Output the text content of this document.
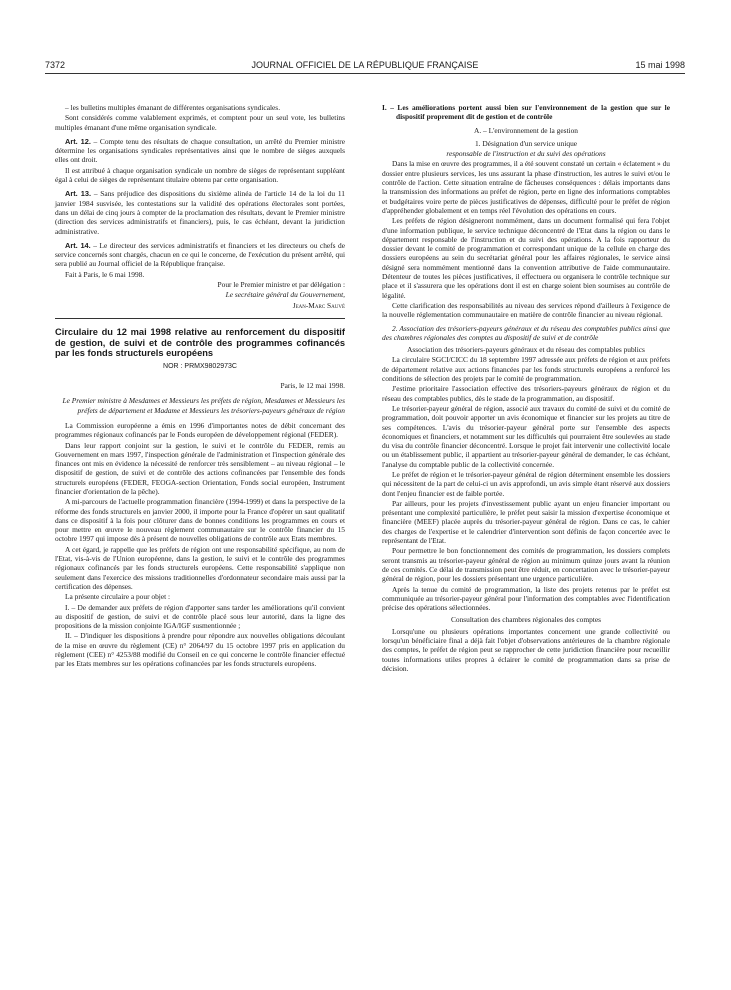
7372	JOURNAL OFFICIEL DE LA RÉPUBLIQUE FRANÇAISE	15 mai 1998

– les bulletins multiples émanant de différentes organisations syndicales.

Sont considérés comme valablement exprimés, et comptent pour un seul vote, les bulletins multiples émanant d'une même organisation syndicale.

Art. 12. – Compte tenu des résultats de chaque consultation, un arrêté du Premier ministre détermine les organisations syndicales représentatives ainsi que le nombre de sièges auxquels elles ont droit.

Il est attribué à chaque organisation syndicale un nombre de sièges de représentant suppléant égal à celui de sièges de représentant titulaire obtenu par cette organisation.

Art. 13. – Sans préjudice des dispositions du sixième alinéa de l'article 14 de la loi du 11 janvier 1984 susvisée, les contestations sur la validité des opérations électorales sont portées, dans un délai de cinq jours à compter de la proclamation des résultats, devant le Premier ministre (direction des services administratifs et financiers), puis, le cas échéant, devant la juridiction administrative.

Art. 14. – Le directeur des services administratifs et financiers et les directeurs ou chefs de service concernés sont chargés, chacun en ce qui le concerne, de l'exécution du présent arrêté, qui sera publié au Journal officiel de la République française.

Fait à Paris, le 6 mai 1998.

Pour le Premier ministre et par délégation :

Le secrétaire général du Gouvernement,

Jean-Marc Sauvé

Circulaire du 12 mai 1998 relative au renforcement du dispositif de gestion, de suivi et de contrôle des programmes cofinancés par les fonds structurels européens

NOR : PRMX9802973C

Paris, le 12 mai 1998.

Le Premier ministre à Mesdames et Messieurs les préfets de région, Mesdames et Messieurs les préfets de département et Madame et Messieurs les trésoriers-payeurs généraux de région

La Commission européenne a émis en 1996 d'importantes notes de débit concernant des programmes régionaux cofinancés par le Fonds européen de développement régional (FEDER).

Dans leur rapport conjoint sur la gestion, le suivi et le contrôle du FEDER, remis au Gouvernement en mars 1997, l'inspection générale de l'administration et l'inspection générale des finances ont mis en évidence la nécessité de renforcer très sensiblement – au niveau régional – le dispositif de gestion, de suivi et de contrôle des actions cofinancées par l'ensemble des fonds structurels européens (FEDER, FEOGA-section Orientation, Fonds social européen, Instrument financier d'orientation de la pêche).

A mi-parcours de l'actuelle programmation financière (1994-1999) et dans la perspective de la réforme des fonds structurels en janvier 2000, il importe pour la France d'opérer un saut qualitatif dans ce dispositif à la fois pour clôturer dans de bonnes conditions les programmes en cours et pour mettre en œuvre le nouveau règlement communautaire sur le contrôle financier du 15 octobre 1997 qui impose dès à présent de nouvelles obligations de contrôle aux Etats membres.

A cet égard, je rappelle que les préfets de région ont une responsabilité spécifique, au nom de l'Etat, vis-à-vis de l'Union européenne, dans la gestion, le suivi et le contrôle des programmes régionaux cofinancés par les fonds structurels européens. Cette responsabilité s'applique non seulement dans l'exercice des missions traditionnelles d'ordonnateur secondaire mais aussi par la certification des dépenses.

La présente circulaire a pour objet :

I. – De demander aux préfets de région d'apporter sans tarder les améliorations qu'il convient au dispositif de gestion, de suivi et de contrôle placé sous leur autorité, dans la ligne des propositions de la mission conjointe IGA/IGF susmentionnée ;

II. – D'indiquer les dispositions à prendre pour répondre aux nouvelles obligations découlant de la mise en œuvre du règlement (CE) n° 2064/97 du 15 octobre 1997 pris en application du règlement (CEE) n° 4253/88 modifié du Conseil en ce qui concerne le contrôle financier effectué par les Etats membres sur les opérations cofinancées par les fonds structurels européens.

I. – Les améliorations portent aussi bien sur l'environnement de la gestion que sur le dispositif proprement dit de gestion et de contrôle

A. – L'environnement de la gestion

1. Désignation d'un service unique

responsable de l'instruction et du suivi des opérations

Dans la mise en œuvre des programmes, il a été souvent constaté un certain « éclatement » du dossier entre plusieurs services, les uns assurant la phase d'instruction, les autres le suivi et/ou le contrôle de l'action. Cette situation entraîne de fâcheuses conséquences : délais importants dans la transmission des informations au préfet de région, perte en ligne des informations comptables et budgétaires voire perte de pièces justificatives de dépenses, difficulté pour le préfet de région d'appréhender globalement et en temps réel l'évolution des opérations en cours.

Les préfets de région désigneront nommément, dans un document formalisé qui fera l'objet d'une information publique, le service technique déconcentré de l'Etat dans la région ou dans le département responsable de l'instruction et du suivi des opérations. A la fois rapporteur du dossier devant le comité de programmation et correspondant unique de la cellule en charge des dossiers européens au sein du secrétariat général pour les affaires régionales, le service ainsi désigné sera nommément mentionné dans la convention attributive de l'aide communautaire. Détenteur de toutes les pièces justificatives, il effectuera ou organisera le contrôle technique sur place et il s'assurera que les opérations dont il est en charge soient bien soumises au contrôle de légalité.

Cette clarification des responsabilités au niveau des services répond d'ailleurs à l'exigence de la nouvelle réglementation communautaire en matière de contrôle financier au niveau régional.

2. Association des trésoriers-payeurs généraux et du réseau des comptables publics ainsi que des chambres régionales des comptes au dispositif de suivi et de contrôle

Association des trésoriers-payeurs généraux et du réseau des comptables publics

La circulaire SGCI/CICC du 18 septembre 1997 adressée aux préfets de région et aux préfets de département relative aux actions financées par les fonds structurels européens a renforcé les conditions de sélection des projets par le comité de programmation.

J'estime prioritaire l'association effective des trésoriers-payeurs généraux de région et du réseau des comptables publics, dès le stade de la programmation, au dispositif.

Le trésorier-payeur général de région, associé aux travaux du comité de suivi et du comité de programmation, doit pouvoir apporter un avis économique et financier sur les projets au titre de ses compétences. L'avis du trésorier-payeur général porte sur l'ensemble des aspects économiques et financiers, et notamment sur les difficultés qui pourraient être soulevées au stade du visa du contrôle financier déconcentré. Lorsque le projet fait intervenir une collectivité locale ou un établissement public, il appartient au trésorier-payeur général de demander, le cas échéant, l'analyse du comptable public de la collectivité concernée.

Le préfet de région et le trésorier-payeur général de région déterminent ensemble les dossiers qui nécessitent de la part de celui-ci un avis approfondi, un avis simple étant réservé aux dossiers dont l'enjeu financier est de faible portée.

Par ailleurs, pour les projets d'investissement public ayant un enjeu financier important ou présentant une complexité particulière, le préfet peut saisir la mission d'expertise économique et financière (MEEF) placée auprès du trésorier-payeur général de région. Dans ce cas, le cahier des charges de l'expertise et le calendrier d'intervention sont définis de façon concertée avec le représentant de l'Etat.

Pour permettre le bon fonctionnement des comités de programmation, les dossiers complets seront transmis au trésorier-payeur général de région au minimum quinze jours avant la réunion de ces comités. Ce délai de transmission peut être réduit, en concertation avec le trésorier-payeur général de région, pour les dossiers présentant une urgence particulière.

Après la tenue du comité de programmation, la liste des projets retenus par le préfet est communiquée au trésorier-payeur général pour l'information des comptables avec l'identification précise des opérations sélectionnées.

Consultation des chambres régionales des comptes

Lorsqu'une ou plusieurs opérations importantes concernent une grande collectivité ou lorsqu'un bénéficiaire final a déjà fait l'objet d'observations antérieures de la chambre régionale des comptes, le préfet de région peut se rapprocher de cette juridiction financière pour recueillir toutes informations utiles propres à éclairer le comité de programmation dans sa prise de décision.
